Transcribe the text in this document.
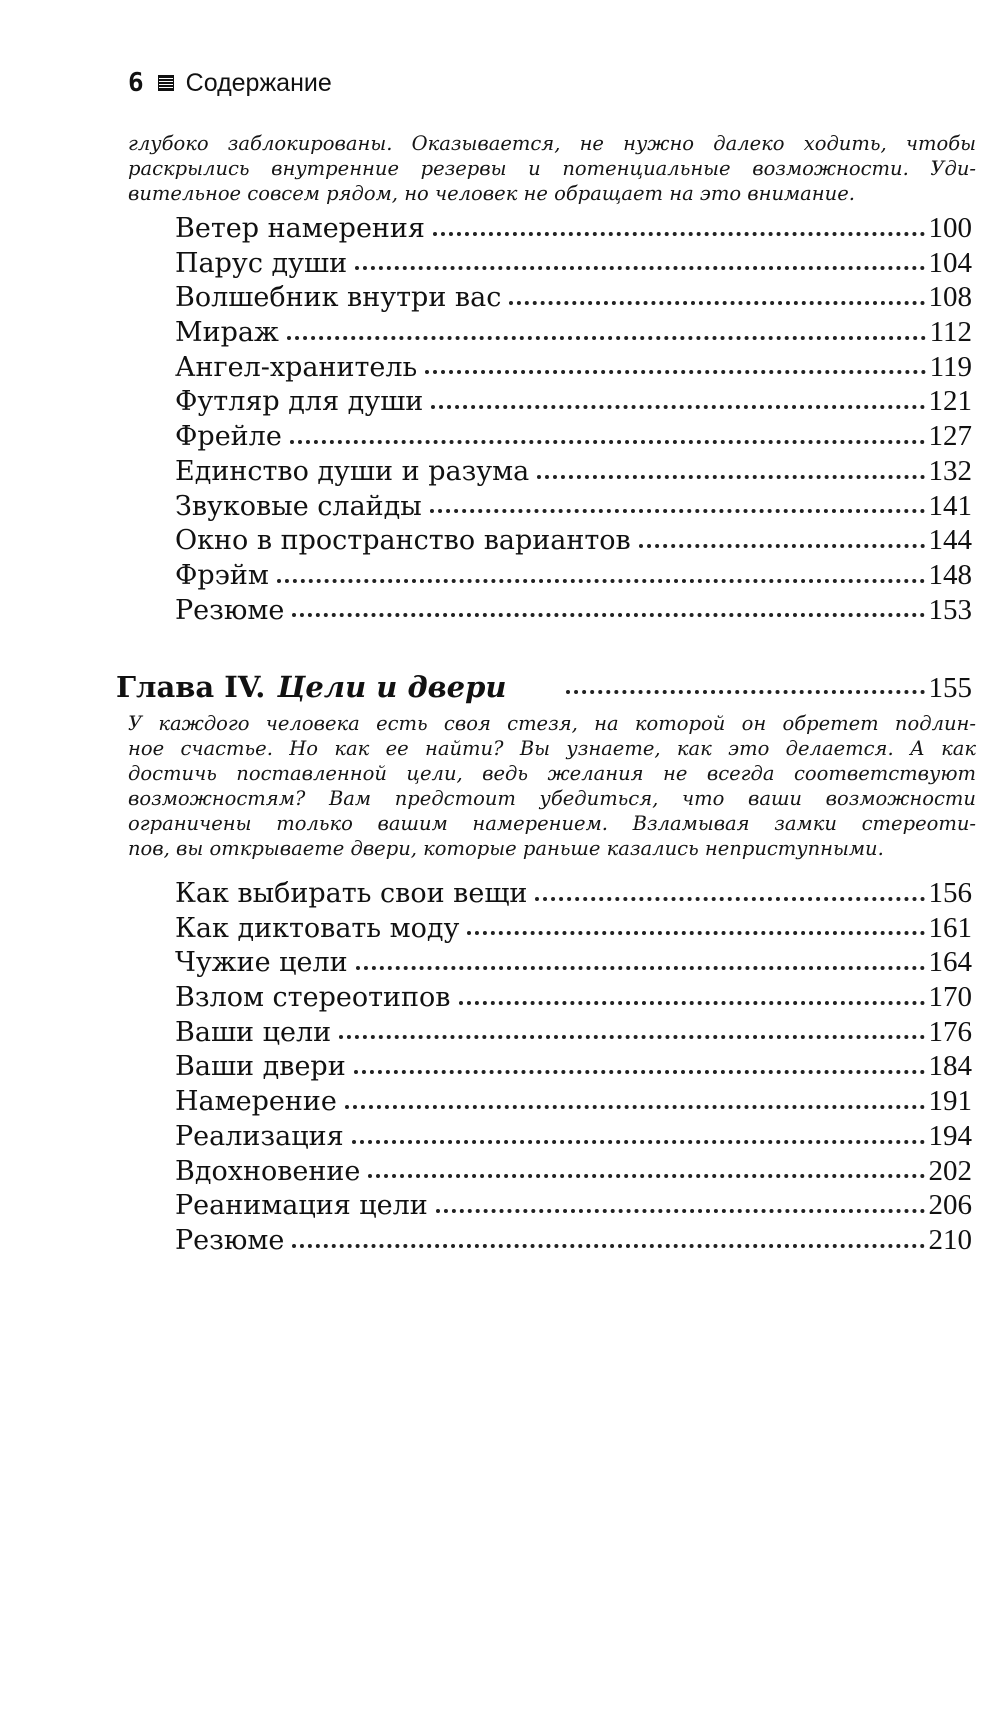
6 Содержание
глубоко заблокированы. Оказывается, не нужно далеко ходить, чтобы
раскрылись внутренние резервы и потенциальные возможности. Уди-
вительное совсем рядом, но человек не обращает на это внимание.
Ветер намерения	100
Парус души	104
Волшебник внутри вас	108
Мираж	112
Ангел-хранитель	119
Футляр для души	121
Фрейле	127
Единство души и разума	132
Звуковые слайды	141
Окно в пространство вариантов	144
Фрэйм	148
Резюме	153
Глава IV. Цели и двери	155
У каждого человека есть своя стезя, на которой он обретет подлин-
ное счастье. Но как ее найти? Вы узнаете, как это делается. А как
достичь поставленной цели, ведь желания не всегда соответствуют
возможностям? Вам предстоит убедиться, что ваши возможности
ограничены только вашим намерением. Взламывая замки стереоти-
пов, вы открываете двери, которые раньше казались неприступными.
Как выбирать свои вещи	156
Как диктовать моду	161
Чужие цели	164
Взлом стереотипов	170
Ваши цели	176
Ваши двери	184
Намерение	191
Реализация	194
Вдохновение	202
Реанимация цели	206
Резюме	210
